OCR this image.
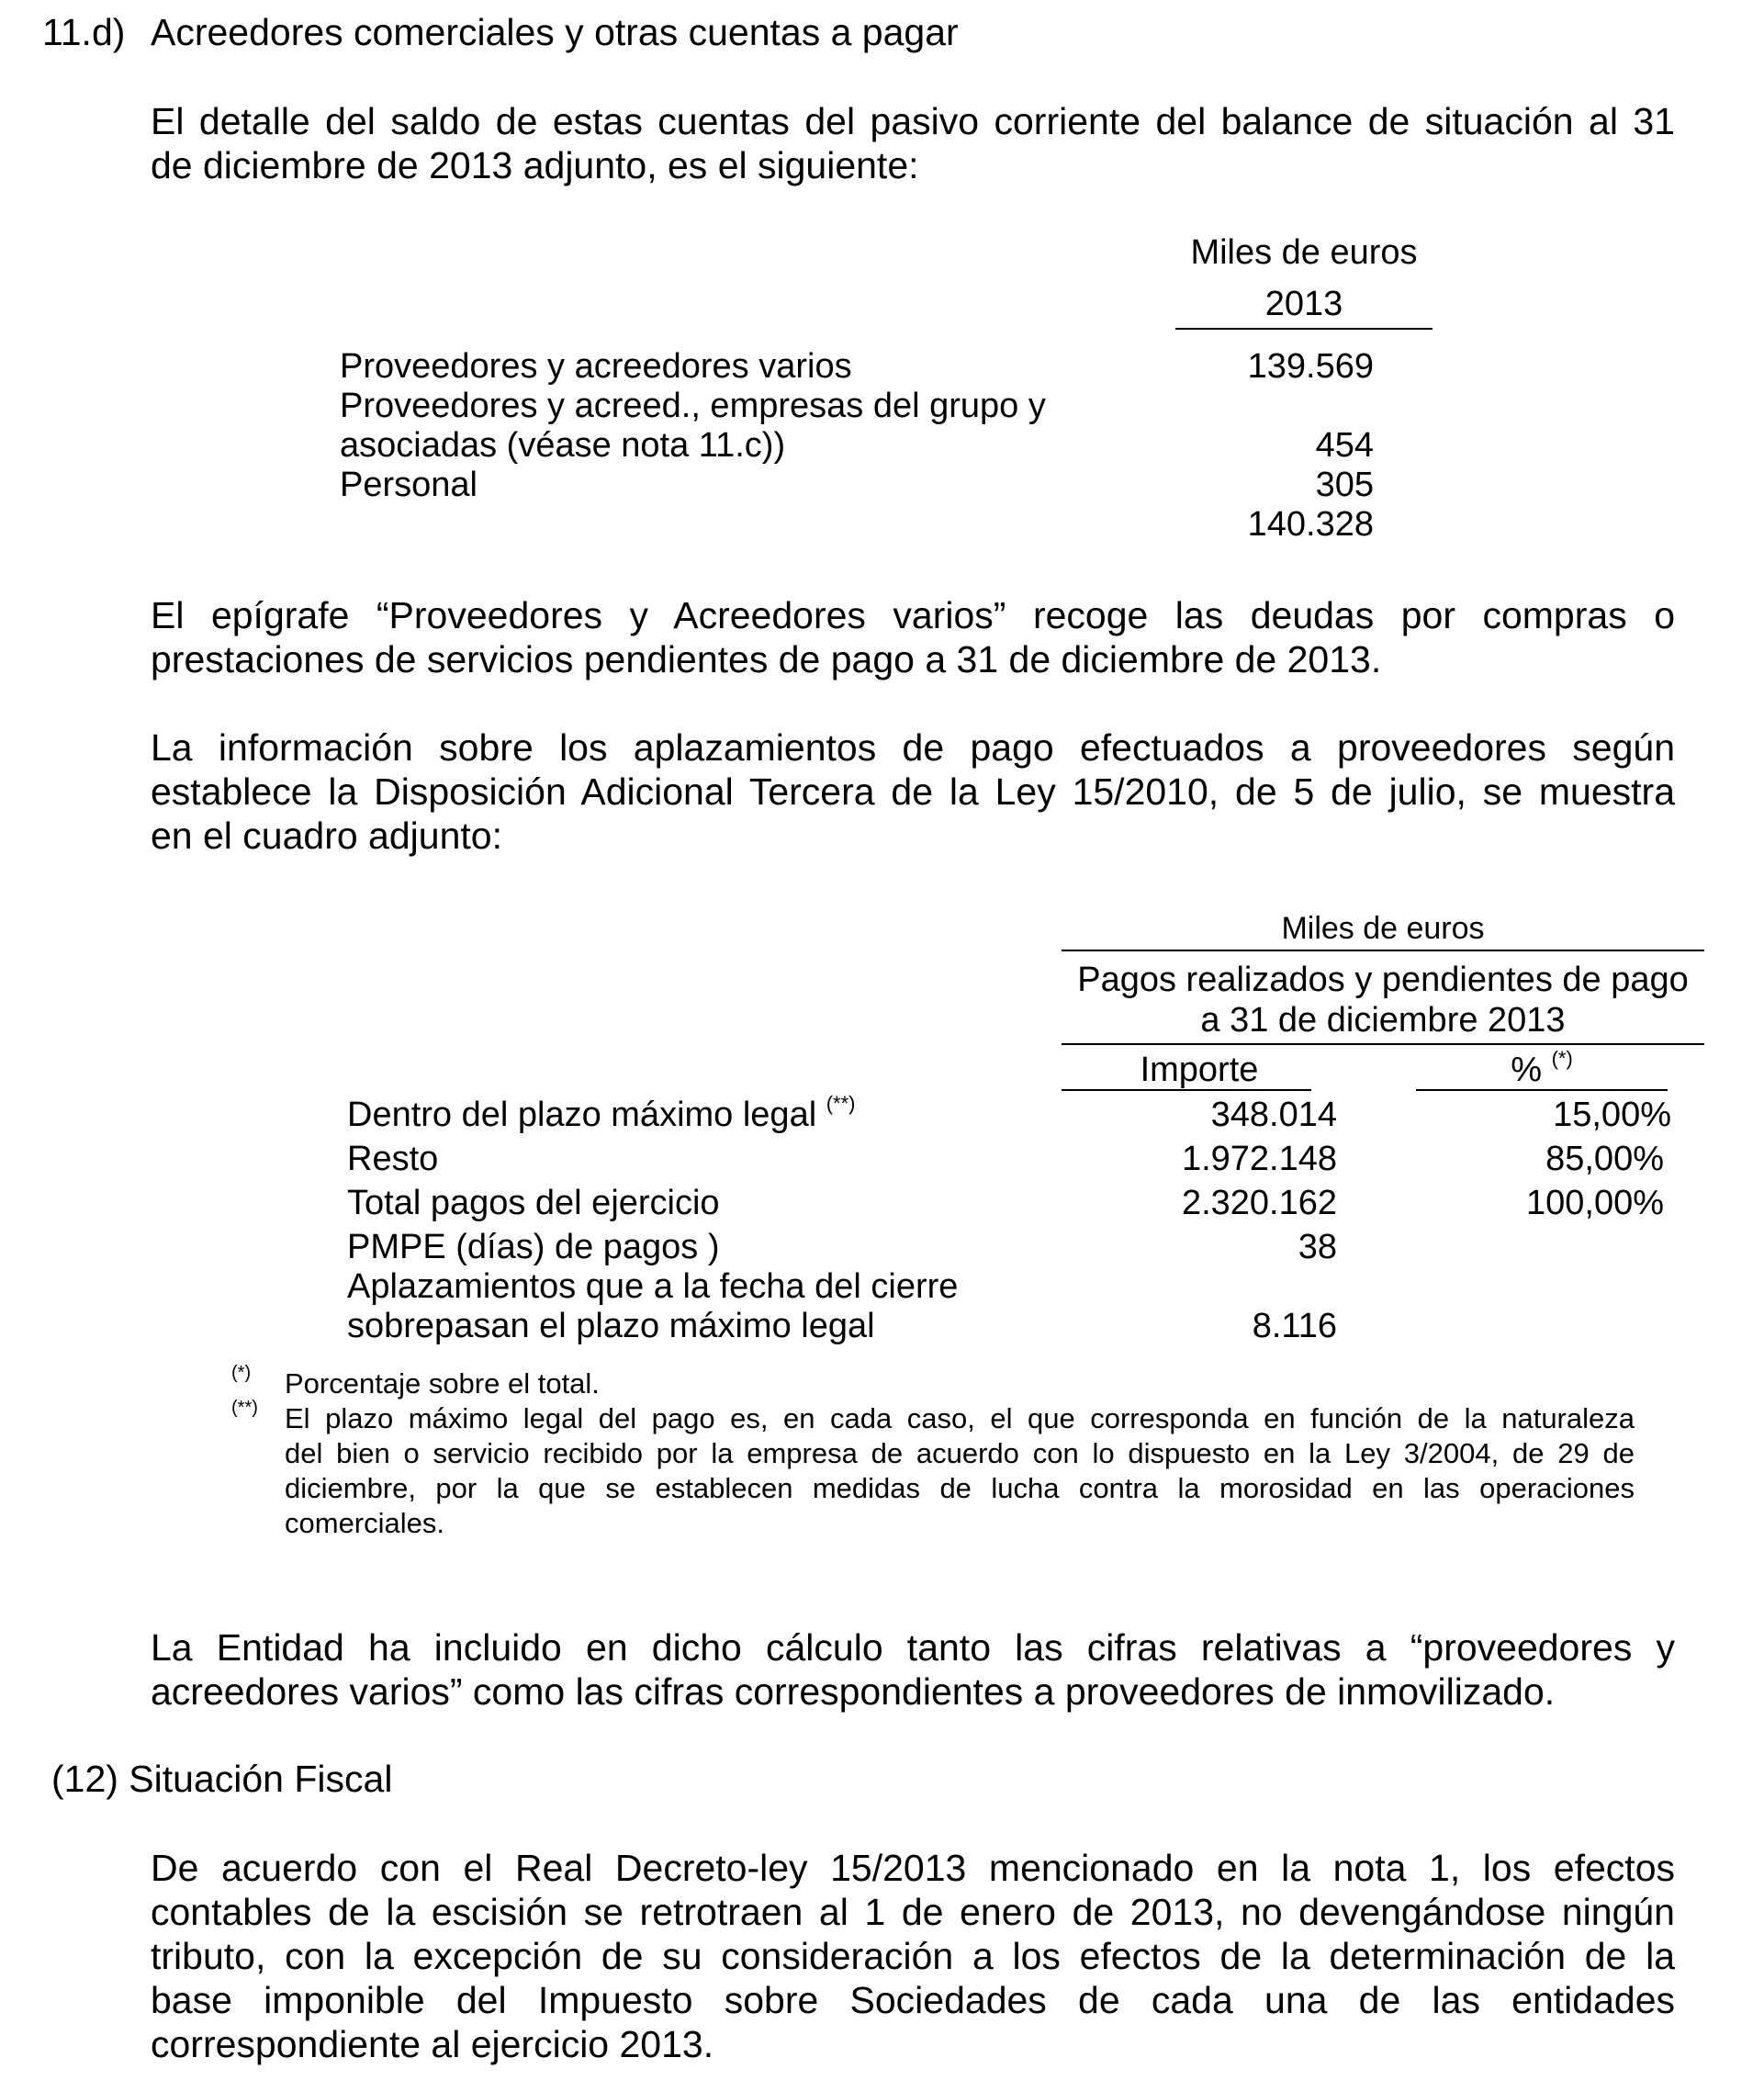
11.d) Acreedores comerciales y otras cuentas a pagar
El detalle del saldo de estas cuentas del pasivo corriente del balance de situación al 31
de diciembre de 2013 adjunto, es el siguiente:
Miles de euros
2013
Proveedores y acreedores varios	139.569
Proveedores y acreed., empresas del grupo y
asociadas (véase nota 11.c))	454
Personal	305
140.328
El epígrafe “Proveedores y Acreedores varios” recoge las deudas por compras o
prestaciones de servicios pendientes de pago a 31 de diciembre de 2013.
La información sobre los aplazamientos de pago efectuados a proveedores según
establece la Disposición Adicional Tercera de la Ley 15/2010, de 5 de julio, se muestra
en el cuadro adjunto:
Miles de euros
Pagos realizados y pendientes de pago
a 31 de diciembre 2013
Importe	% (*)
Dentro del plazo máximo legal (**)	348.014	15,00%
Resto	1.972.148	85,00%
Total pagos del ejercicio	2.320.162	100,00%
PMPE (días) de pagos )	38
Aplazamientos que a la fecha del cierre
sobrepasan el plazo máximo legal	8.116
(*) Porcentaje sobre el total.
(**) El plazo máximo legal del pago es, en cada caso, el que corresponda en función de la naturaleza
del bien o servicio recibido por la empresa de acuerdo con lo dispuesto en la Ley 3/2004, de 29 de
diciembre, por la que se establecen medidas de lucha contra la morosidad en las operaciones
comerciales.
La Entidad ha incluido en dicho cálculo tanto las cifras relativas a “proveedores y
acreedores varios” como las cifras correspondientes a proveedores de inmovilizado.
(12) Situación Fiscal
De acuerdo con el Real Decreto-ley 15/2013 mencionado en la nota 1, los efectos
contables de la escisión se retrotraen al 1 de enero de 2013, no devengándose ningún
tributo, con la excepción de su consideración a los efectos de la determinación de la
base imponible del Impuesto sobre Sociedades de cada una de las entidades
correspondiente al ejercicio 2013.
